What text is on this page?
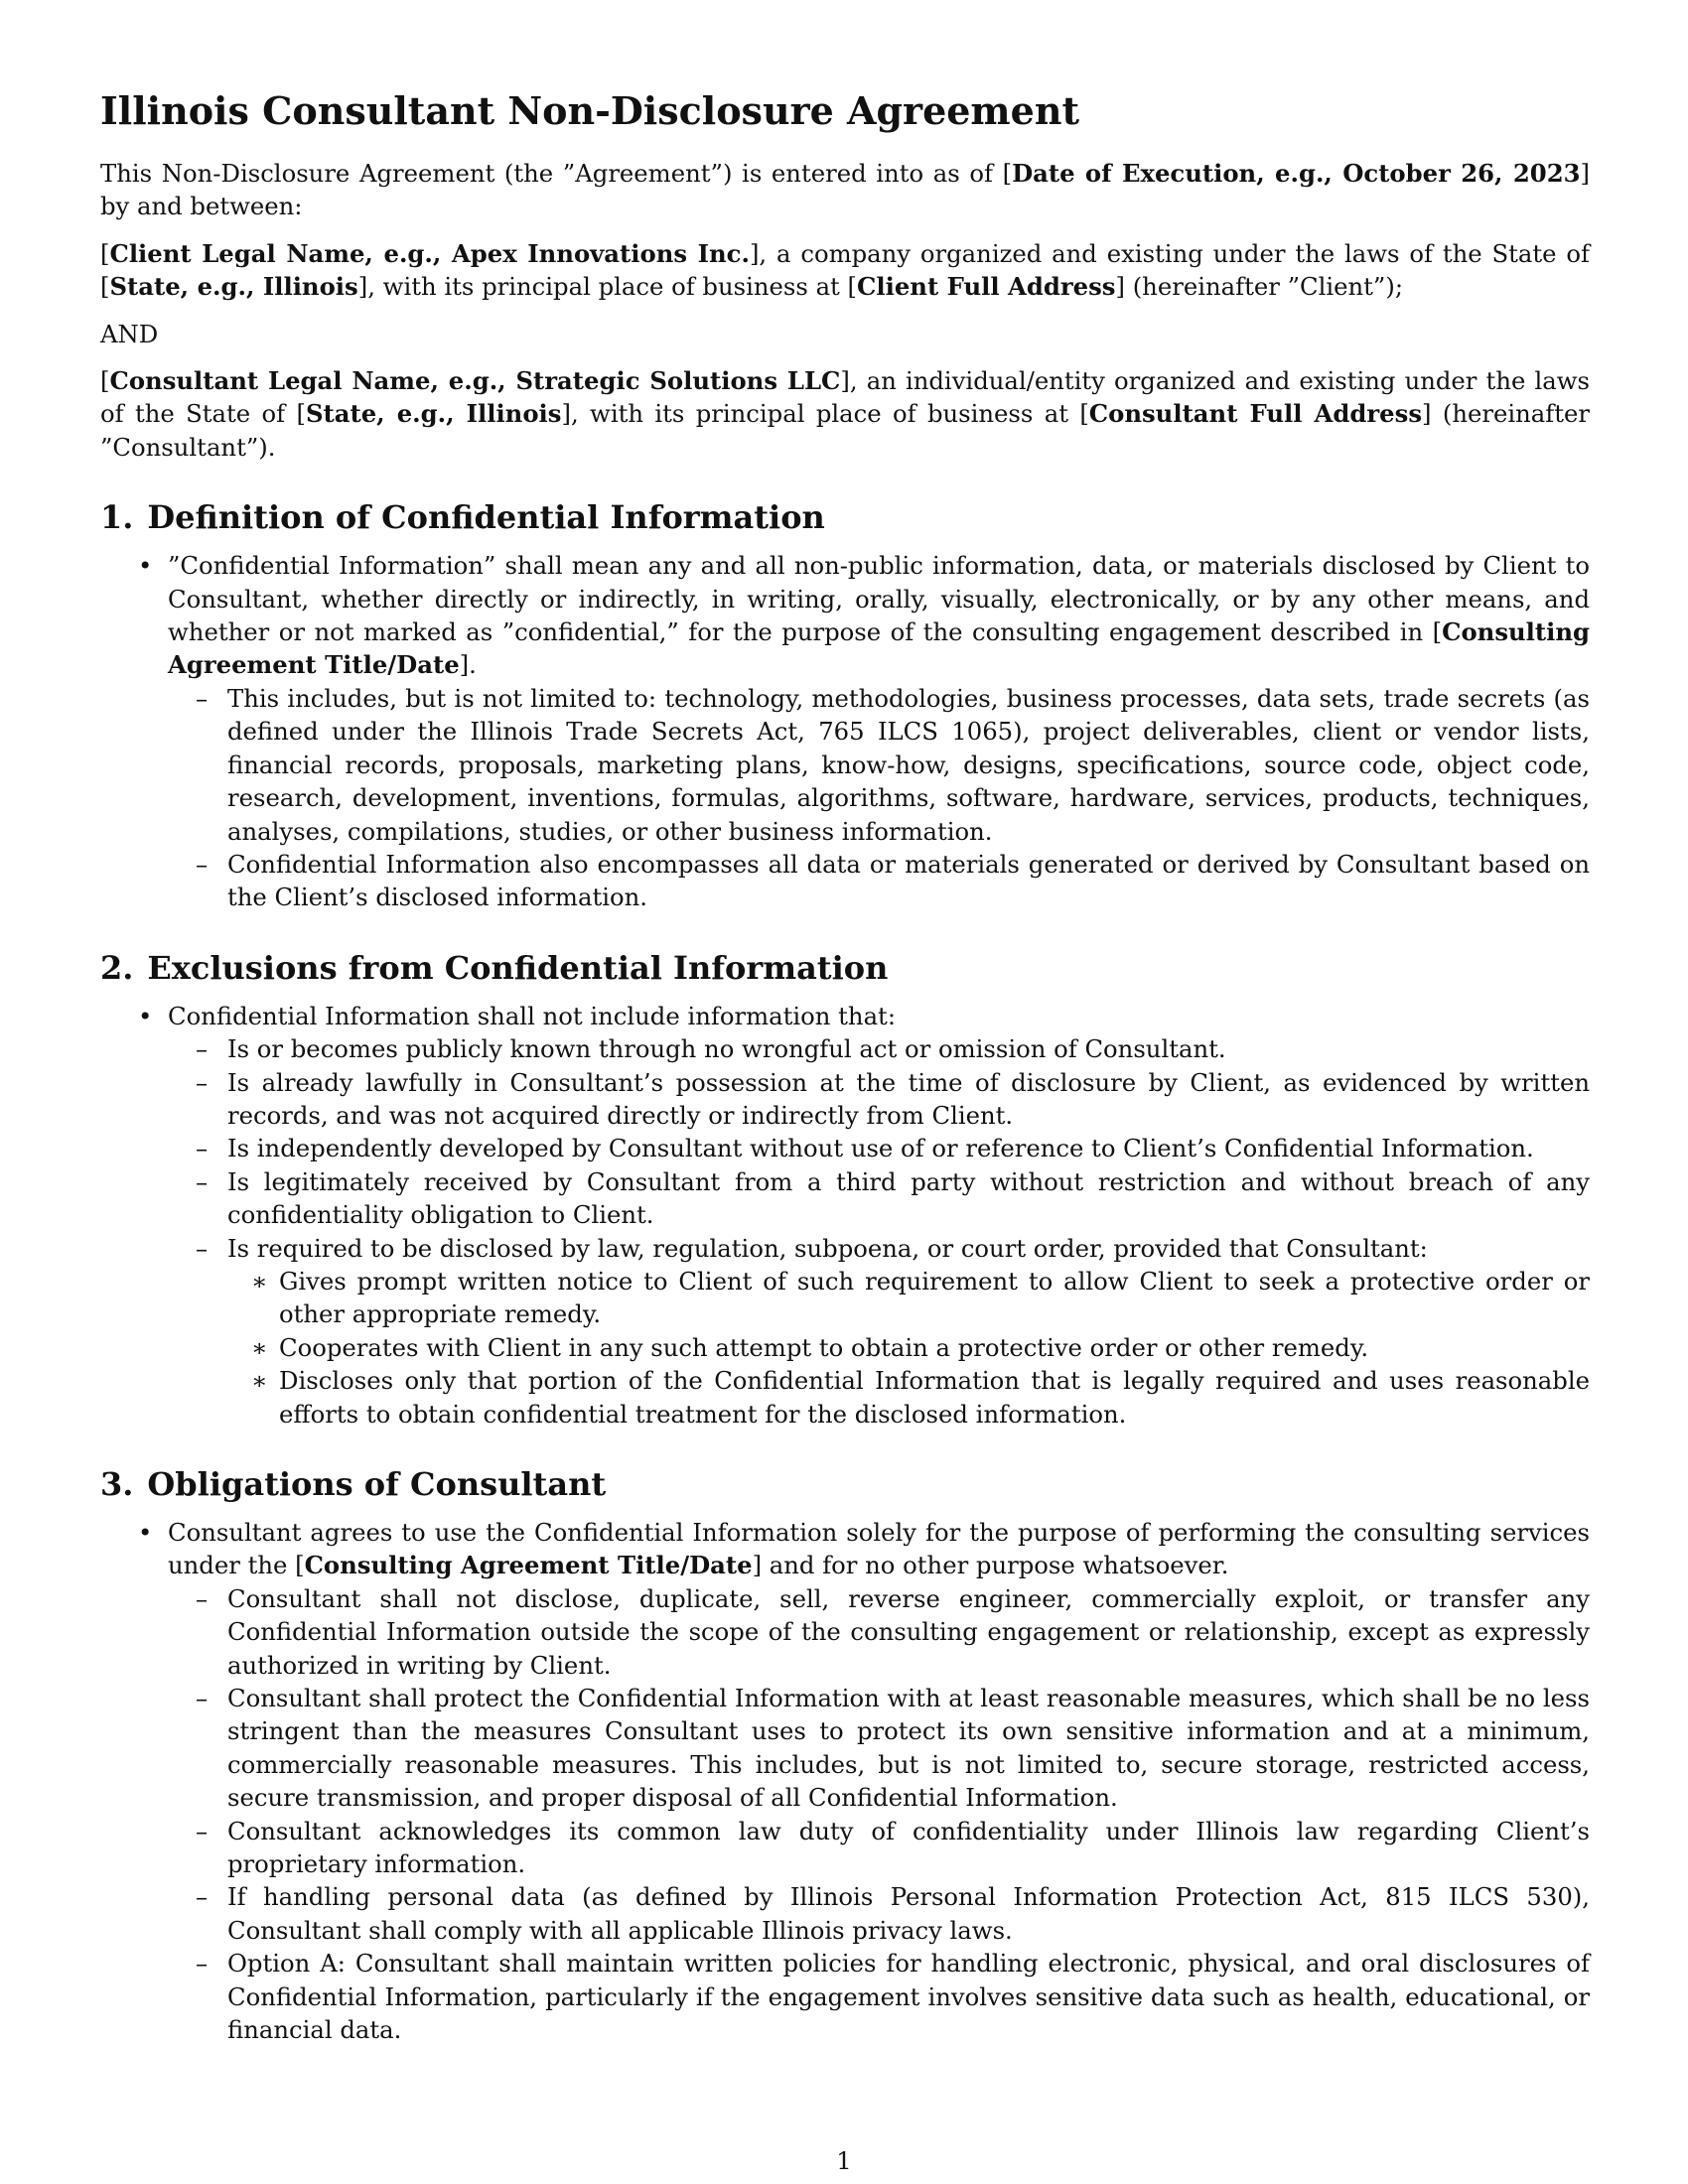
Illinois Consultant Non-Disclosure Agreement

This Non-Disclosure Agreement (the ”Agreement”) is entered into as of [Date of Execution, e.g., October 26, 2023] by and between:

[Client Legal Name, e.g., Apex Innovations Inc.], a company organized and existing under the laws of the State of [State, e.g., Illinois], with its principal place of business at [Client Full Address] (hereinafter ”Client”);

AND

[Consultant Legal Name, e.g., Strategic Solutions LLC], an individual/entity organized and existing under the laws of the State of [State, e.g., Illinois], with its principal place of business at [Consultant Full Address] (hereinafter ”Consultant”).

1. Definition of Confidential Information
• ”Confidential Information” shall mean any and all non-public information, data, or materials disclosed by Client to Consultant, whether directly or indirectly, in writing, orally, visually, electronically, or by any other means, and whether or not marked as ”confidential,” for the purpose of the consulting engagement described in [Consulting Agreement Title/Date].
– This includes, but is not limited to: technology, methodologies, business processes, data sets, trade secrets (as defined under the Illinois Trade Secrets Act, 765 ILCS 1065), project deliverables, client or vendor lists, financial records, proposals, marketing plans, know-how, designs, specifications, source code, object code, research, development, inventions, formulas, algorithms, software, hardware, services, products, techniques, analyses, compilations, studies, or other business information.
– Confidential Information also encompasses all data or materials generated or derived by Consultant based on the Client’s disclosed information.
2. Exclusions from Confidential Information
• Confidential Information shall not include information that:
– Is or becomes publicly known through no wrongful act or omission of Consultant.
– Is already lawfully in Consultant’s possession at the time of disclosure by Client, as evidenced by written records, and was not acquired directly or indirectly from Client.
– Is independently developed by Consultant without use of or reference to Client’s Confidential Information.
– Is legitimately received by Consultant from a third party without restriction and without breach of any confidentiality obligation to Client.
– Is required to be disclosed by law, regulation, subpoena, or court order, provided that Consultant:
∗ Gives prompt written notice to Client of such requirement to allow Client to seek a protective order or other appropriate remedy.
∗ Cooperates with Client in any such attempt to obtain a protective order or other remedy.
∗ Discloses only that portion of the Confidential Information that is legally required and uses reasonable efforts to obtain confidential treatment for the disclosed information.
3. Obligations of Consultant
• Consultant agrees to use the Confidential Information solely for the purpose of performing the consulting services under the [Consulting Agreement Title/Date] and for no other purpose whatsoever.
– Consultant shall not disclose, duplicate, sell, reverse engineer, commercially exploit, or transfer any Confidential Information outside the scope of the consulting engagement or relationship, except as expressly authorized in writing by Client.
– Consultant shall protect the Confidential Information with at least reasonable measures, which shall be no less stringent than the measures Consultant uses to protect its own sensitive information and at a minimum, commercially reasonable measures. This includes, but is not limited to, secure storage, restricted access, secure transmission, and proper disposal of all Confidential Information.
– Consultant acknowledges its common law duty of confidentiality under Illinois law regarding Client’s proprietary information.
– If handling personal data (as defined by Illinois Personal Information Protection Act, 815 ILCS 530), Consultant shall comply with all applicable Illinois privacy laws.
– Option A: Consultant shall maintain written policies for handling electronic, physical, and oral disclosures of Confidential Information, particularly if the engagement involves sensitive data such as health, educational, or financial data.
1
